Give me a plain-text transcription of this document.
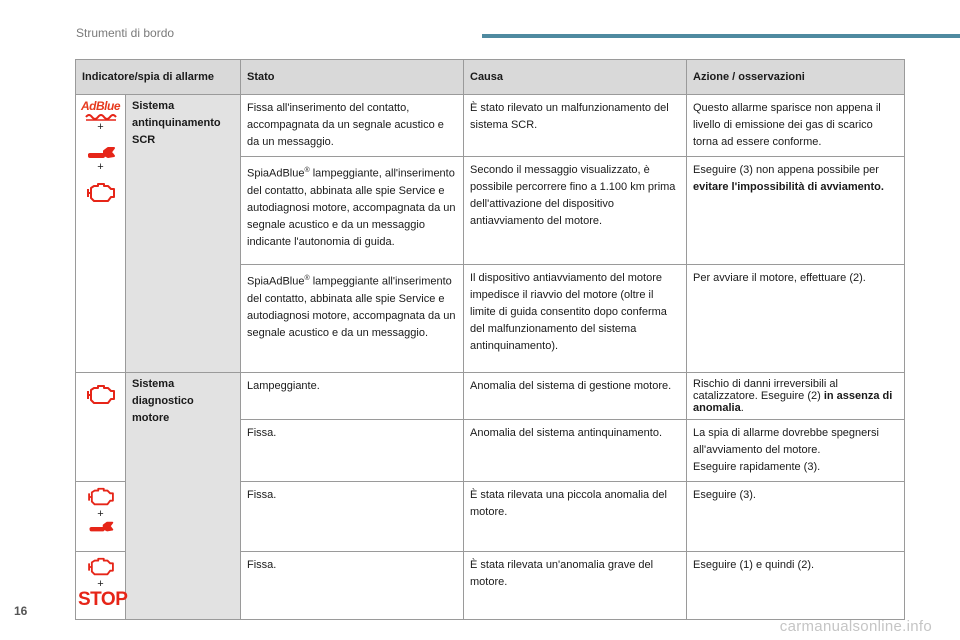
Strumenti di bordo
Indicatore/spia di allarme		Stato	Causa	Azione / osservazioni

AdBlue
+
+	Sistema antinquinamento SCR	Fissa all'inserimento del contatto, accompagnata da un segnale acustico e da un messaggio.	È stato rilevato un malfunzionamento del sistema SCR.	Questo allarme sparisce non appena il livello di emissione dei gas di scarico torna ad essere conforme.
		SpiaAdBlue® lampeggiante, all'inserimento del contatto, abbinata alle spie Service e autodiagnosi motore, accompagnata da un segnale acustico e da un messaggio indicante l'autonomia di guida.	Secondo il messaggio visualizzato, è possibile percorrere fino a 1.100 km prima dell'attivazione del dispositivo antiavviamento del motore.	Eseguire (3) non appena possibile per evitare l'impossibilità di avviamento.
		SpiaAdBlue® lampeggiante all'inserimento del contatto, abbinata alle spie Service e autodiagnosi motore, accompagnata da un segnale acustico e da un messaggio.	Il dispositivo antiavviamento del motore impedisce il riavvio del motore (oltre il limite di guida consentito dopo conferma del malfunzionamento del sistema antinquinamento).	Per avviare il motore, effettuare (2).

	Sistema diagnostico motore	Lampeggiante.	Anomalia del sistema di gestione motore.	Rischio di danni irreversibili al catalizzatore. Eseguire (2) in assenza di anomalia.
		Fissa.	Anomalia del sistema antinquinamento.	La spia di allarme dovrebbe spegnersi all'avviamento del motore.
Eseguire rapidamente (3).

+		Fissa.	È stata rilevata una piccola anomalia del motore.	Eseguire (3).

+
STOP		Fissa.	È stata rilevata un'anomalia grave del motore.	Eseguire (1) e quindi (2).
16
carmanualsonline.info
